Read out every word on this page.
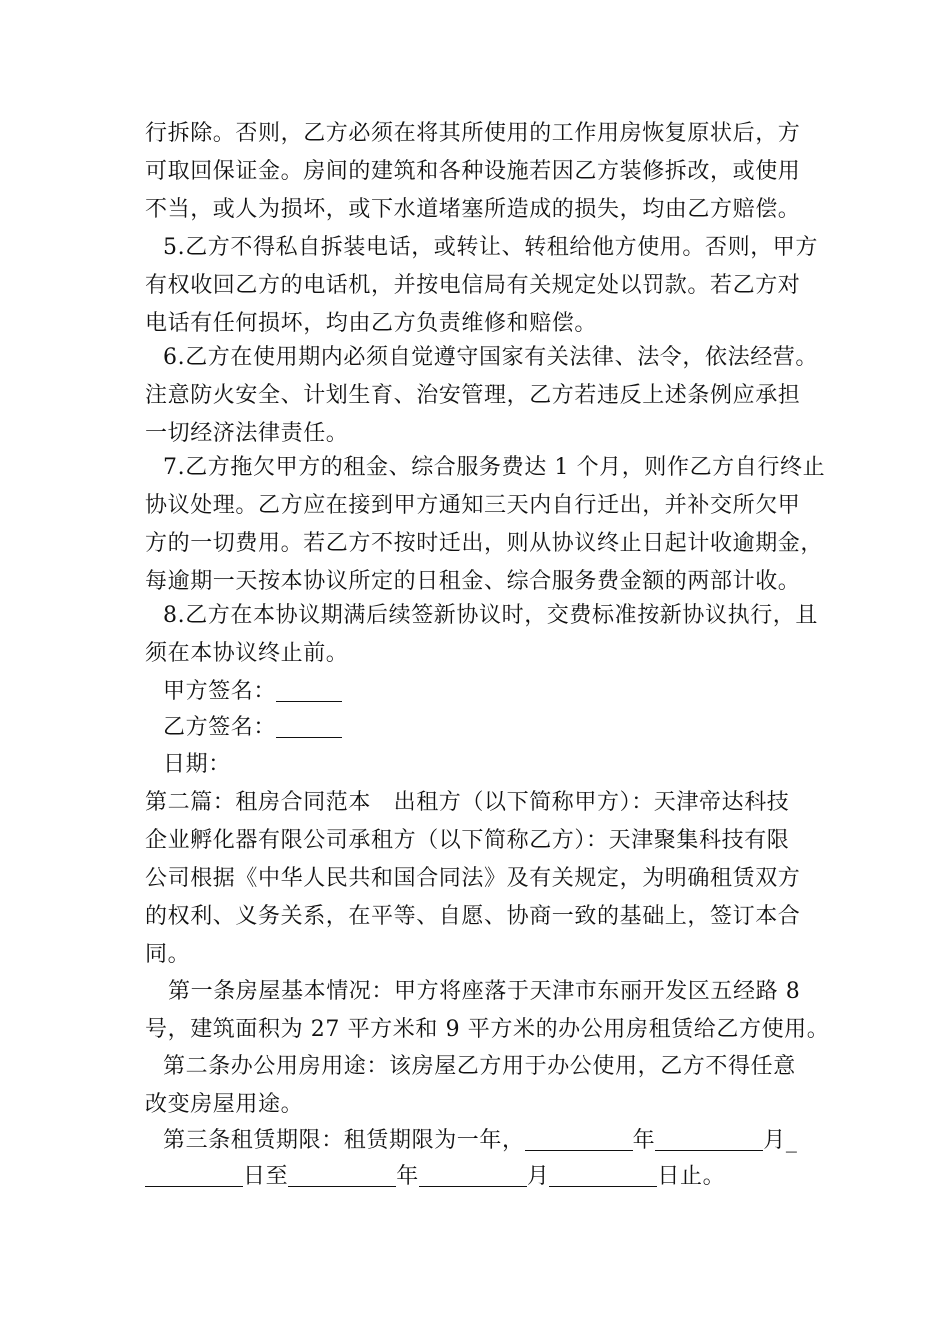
行拆除。否则，乙方必须在将其所使用的工作用房恢复原状后，方
可取回保证金。房间的建筑和各种设施若因乙方装修拆改，或使用
不当，或人为损坏，或下水道堵塞所造成的损失，均由乙方赔偿。
5.乙方不得私自拆装电话，或转让、转租给他方使用。否则，甲方
有权收回乙方的电话机，并按电信局有关规定处以罚款。若乙方对
电话有任何损坏，均由乙方负责维修和赔偿。
6.乙方在使用期内必须自觉遵守国家有关法律、法令，依法经营。
注意防火安全、计划生育、治安管理，乙方若违反上述条例应承担
一切经济法律责任。
7.乙方拖欠甲方的租金、综合服务费达 1 个月，则作乙方自行终止
协议处理。乙方应在接到甲方通知三天内自行迁出，并补交所欠甲
方的一切费用。若乙方不按时迁出，则从协议终止日起计收逾期金，
每逾期一天按本协议所定的日租金、综合服务费金额的两部计收。
8.乙方在本协议期满后续签新协议时，交费标准按新协议执行，且
须在本协议终止前。
甲方签名：
乙方签名：
日期：
第二篇：租房合同范本　出租方（以下简称甲方）：天津帝达科技
企业孵化器有限公司承租方（以下简称乙方）：天津聚集科技有限
公司根据《中华人民共和国合同法》及有关规定，为明确租赁双方
的权利、义务关系，在平等、自愿、协商一致的基础上，签订本合
同。
第一条房屋基本情况：甲方将座落于天津市东丽开发区五经路 8
号，建筑面积为 27 平方米和 9 平方米的办公用房租赁给乙方使用。
第二条办公用房用途：该房屋乙方用于办公使用，乙方不得任意
改变房屋用途。
第三条租赁期限：租赁期限为一年，	年	月_
日至	年	月	日止。
